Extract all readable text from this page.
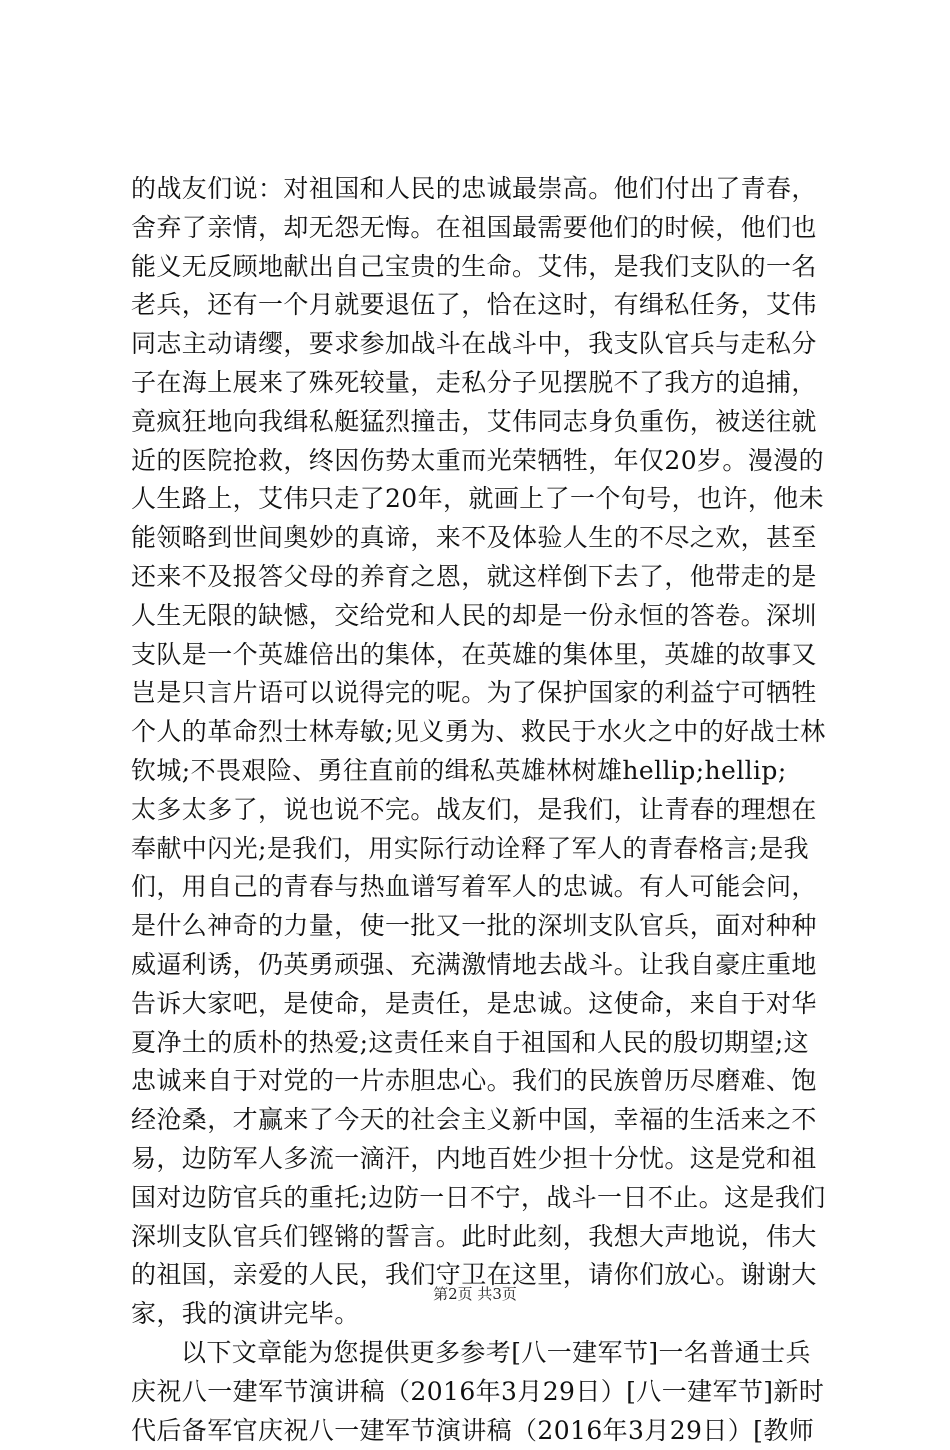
的战友们说：对祖国和人民的忠诚最崇高。他们付出了青春，
舍弃了亲情，却无怨无悔。在祖国最需要他们的时候，他们也
能义无反顾地献出自己宝贵的生命。艾伟，是我们支队的一名
老兵，还有一个月就要退伍了，恰在这时，有缉私任务，艾伟
同志主动请缨，要求参加战斗在战斗中，我支队官兵与走私分
子在海上展来了殊死较量，走私分子见摆脱不了我方的追捕，
竟疯狂地向我缉私艇猛烈撞击，艾伟同志身负重伤，被送往就
近的医院抢救，终因伤势太重而光荣牺牲，年仅20岁。漫漫的
人生路上，艾伟只走了20年，就画上了一个句号，也许，他未
能领略到世间奥妙的真谛，来不及体验人生的不尽之欢，甚至
还来不及报答父母的养育之恩，就这样倒下去了，他带走的是
人生无限的缺憾，交给党和人民的却是一份永恒的答卷。深圳
支队是一个英雄倍出的集体，在英雄的集体里，英雄的故事又
岂是只言片语可以说得完的呢。为了保护国家的利益宁可牺牲
个人的革命烈士林寿敏;见义勇为、救民于水火之中的好战士林
钦城;不畏艰险、勇往直前的缉私英雄林树雄hellip;hellip;
太多太多了，说也说不完。战友们，是我们，让青春的理想在
奉献中闪光;是我们，用实际行动诠释了军人的青春格言;是我
们，用自己的青春与热血谱写着军人的忠诚。有人可能会问，
是什么神奇的力量，使一批又一批的深圳支队官兵，面对种种
威逼利诱，仍英勇顽强、充满激情地去战斗。让我自豪庄重地
告诉大家吧，是使命，是责任，是忠诚。这使命，来自于对华
夏净土的质朴的热爱;这责任来自于祖国和人民的殷切期望;这
忠诚来自于对党的一片赤胆忠心。我们的民族曾历尽磨难、饱
经沧桑，才赢来了今天的社会主义新中国，幸福的生活来之不
易，边防军人多流一滴汗，内地百姓少担十分忧。这是党和祖
国对边防官兵的重托;边防一日不宁，战斗一日不止。这是我们
深圳支队官兵们铿锵的誓言。此时此刻，我想大声地说，伟大
的祖国，亲爱的人民，我们守卫在这里，请你们放心。谢谢大
家，我的演讲完毕。
以下文章能为您提供更多参考[八一建军节]一名普通士兵
庆祝八一建军节演讲稿（2016年3月29日）[八一建军节]新时
代后备军官庆祝八一建军节演讲稿（2016年3月29日）[教师
第2页 共3页
